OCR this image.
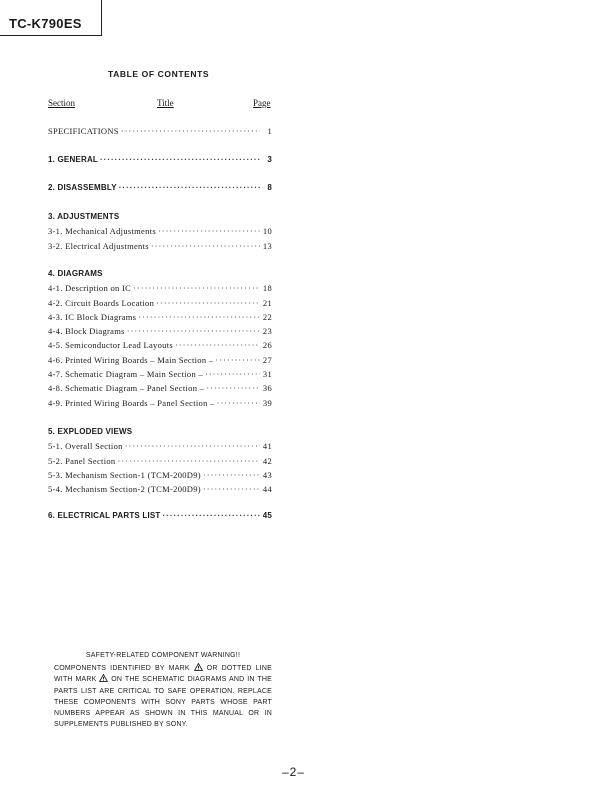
TC-K790ES
TABLE OF CONTENTS
Section	Title	Page
SPECIFICATIONS ·····	1
1. GENERAL ·····	3
2. DISASSEMBLY ·····	8
3. ADJUSTMENTS
3-1. Mechanical Adjustments ·····	10
3-2. Electrical Adjustments ·····	13
4. DIAGRAMS
4-1. Description on IC ·····	18
4-2. Circuit Boards Location ·····	21
4-3. IC Block Diagrams ·····	22
4-4. Block Diagrams ·····	23
4-5. Semiconductor Lead Layouts ·····	26
4-6. Printed Wiring Boards – Main Section – ·····	27
4-7. Schematic Diagram – Main Section – ·····	31
4-8. Schematic Diagram – Panel Section – ·····	36
4-9. Printed Wiring Boards – Panel Section – ·····	39
5. EXPLODED VIEWS
5-1. Overall Section ·····	41
5-2. Panel Section ·····	42
5-3. Mechanism Section-1 (TCM-200D9) ·····	43
5-4. Mechanism Section-2 (TCM-200D9) ·····	44
6. ELECTRICAL PARTS LIST ·····	45
SAFETY-RELATED COMPONENT WARNING!!
COMPONENTS IDENTIFIED BY MARK OR DOTTED LINE WITH MARK ON THE SCHEMATIC DIAGRAMS AND IN THE PARTS LIST ARE CRITICAL TO SAFE OPERATION. REPLACE THESE COMPONENTS WITH SONY PARTS WHOSE PART NUMBERS APPEAR AS SHOWN IN THIS MANUAL OR IN SUPPLEMENTS PUBLISHED BY SONY.
–2–
